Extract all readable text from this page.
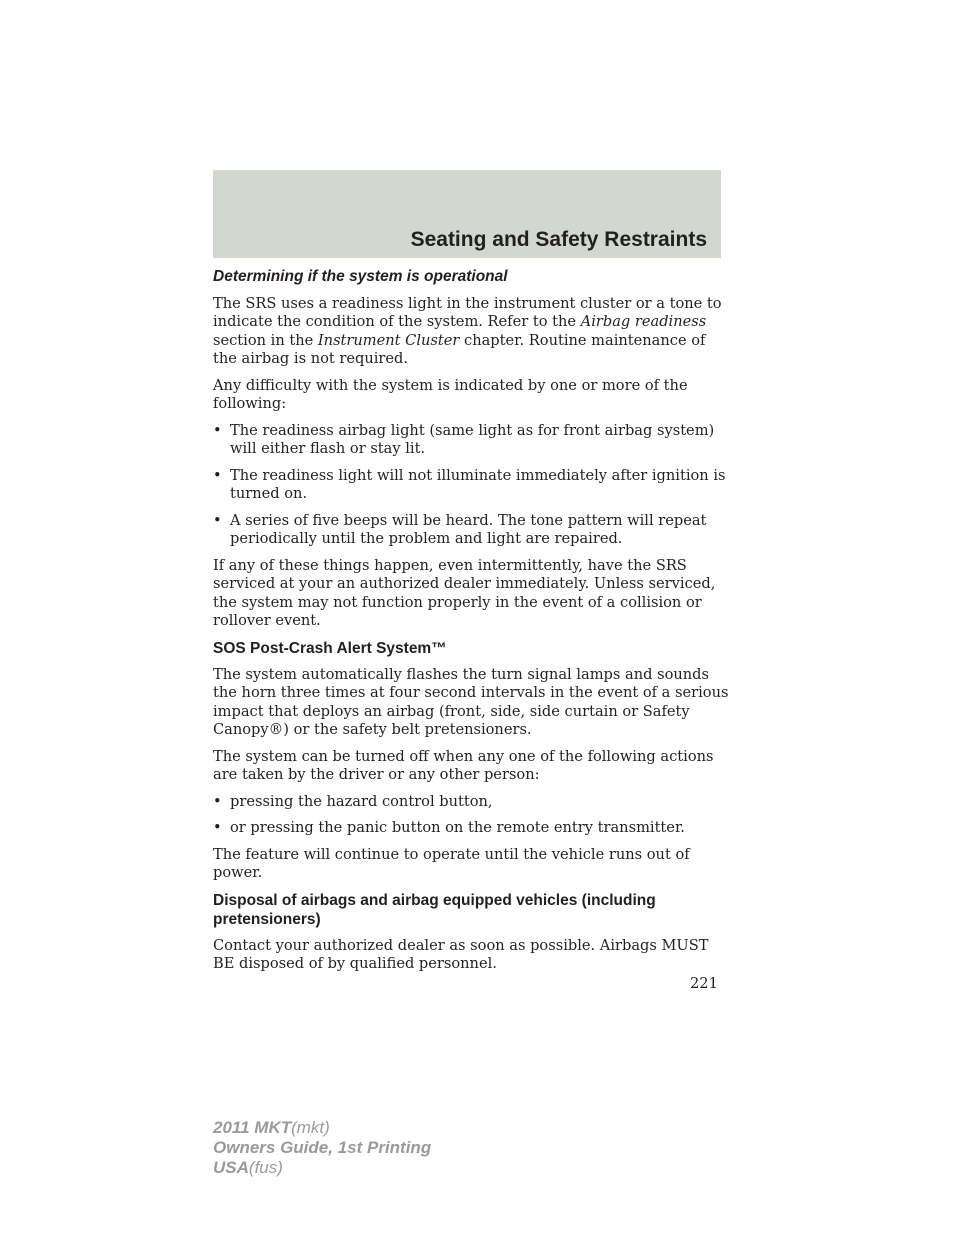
Seating and Safety Restraints

Determining if the system is operational

The SRS uses a readiness light in the instrument cluster or a tone to indicate the condition of the system. Refer to the Airbag readiness section in the Instrument Cluster chapter. Routine maintenance of the airbag is not required.

Any difficulty with the system is indicated by one or more of the following:

• The readiness airbag light (same light as for front airbag system) will either flash or stay lit.
• The readiness light will not illuminate immediately after ignition is turned on.
• A series of five beeps will be heard. The tone pattern will repeat periodically until the problem and light are repaired.

If any of these things happen, even intermittently, have the SRS serviced at your an authorized dealer immediately. Unless serviced, the system may not function properly in the event of a collision or rollover event.

SOS Post-Crash Alert System™

The system automatically flashes the turn signal lamps and sounds the horn three times at four second intervals in the event of a serious impact that deploys an airbag (front, side, side curtain or Safety Canopy®) or the safety belt pretensioners.

The system can be turned off when any one of the following actions are taken by the driver or any other person:

• pressing the hazard control button,
• or pressing the panic button on the remote entry transmitter.

The feature will continue to operate until the vehicle runs out of power.

Disposal of airbags and airbag equipped vehicles (including pretensioners)

Contact your authorized dealer as soon as possible. Airbags MUST BE disposed of by qualified personnel.

221
2011 MKT(mkt)
Owners Guide, 1st Printing
USA(fus)
